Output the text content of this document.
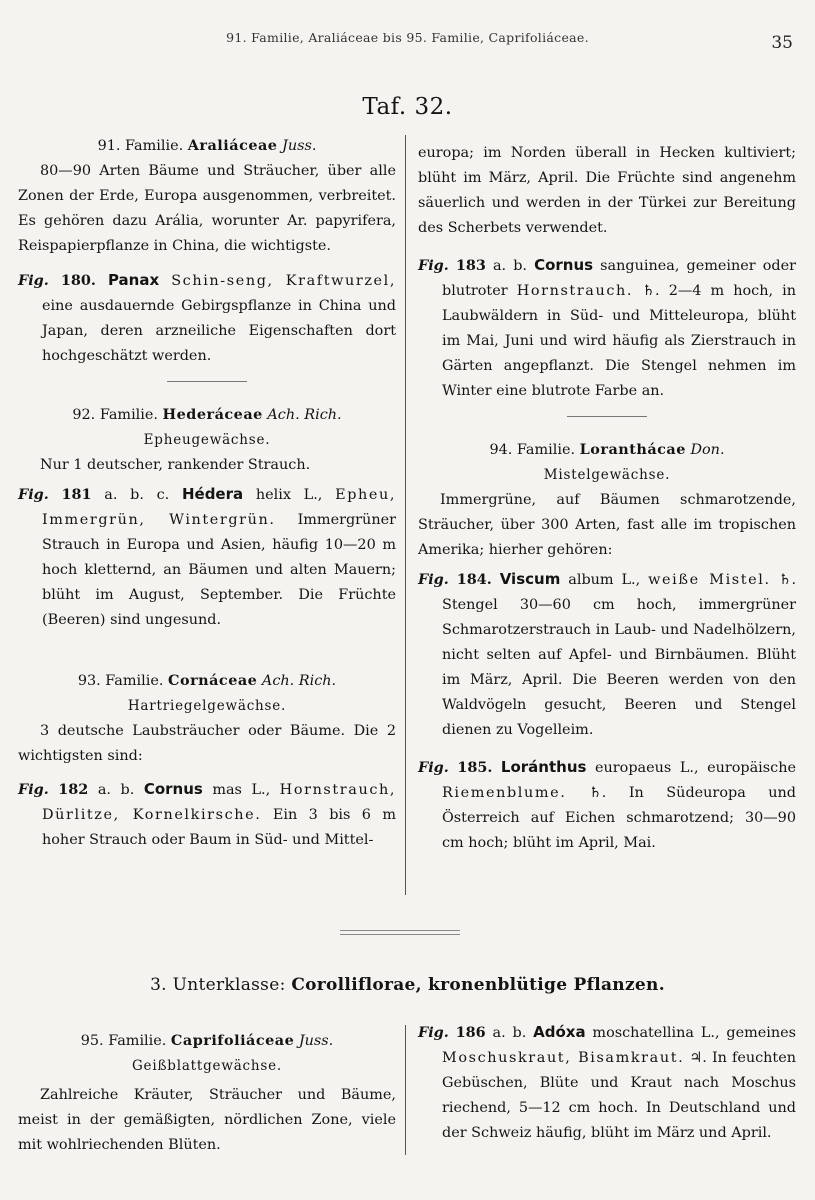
91. Familie, Araliáceae bis 95. Familie, Caprifoliáceae.	35
Taf. 32.

91. Familie. Araliáceae Juss.

80—90 Arten Bäume und Sträucher, über alle Zonen der Erde, Europa ausgenommen, verbreitet. Es gehören dazu Arália, worunter Ar. papyrifera, Reispapierpflanze in China, die wichtigste.

Fig. 180. Panax Schin-seng, Kraftwurzel, eine ausdauernde Gebirgspflanze in China und Japan, deren arzneiliche Eigenschaften dort hochgeschätzt werden.

92. Familie. Hederáceae Ach. Rich.

Epheugewächse.

Nur 1 deutscher, rankender Strauch.

Fig. 181 a. b. c. Hédera helix L., Epheu, Immergrün, Wintergrün. Immergrüner Strauch in Europa und Asien, häufig 10—20 m hoch kletternd, an Bäumen und alten Mauern; blüht im August, September. Die Früchte (Beeren) sind ungesund.

93. Familie. Cornáceae Ach. Rich.

Hartriegelgewächse.

3 deutsche Laubsträucher oder Bäume. Die 2 wichtigsten sind:

Fig. 182 a. b. Cornus mas L., Hornstrauch, Dürlitze, Kornelkirsche. Ein 3 bis 6 m hoher Strauch oder Baum in Süd- und Mittel-

europa; im Norden überall in Hecken kultiviert; blüht im März, April. Die Früchte sind angenehm säuerlich und werden in der Türkei zur Bereitung des Scherbets verwendet.

Fig. 183 a. b. Cornus sanguinea, gemeiner oder blutroter Hornstrauch. ♄. 2—4 m hoch, in Laubwäldern in Süd- und Mitteleuropa, blüht im Mai, Juni und wird häufig als Zierstrauch in Gärten angepflanzt. Die Stengel nehmen im Winter eine blutrote Farbe an.

94. Familie. Loranthácae Don.

Mistelgewächse.

Immergrüne, auf Bäumen schmarotzende, Sträucher, über 300 Arten, fast alle im tropischen Amerika; hierher gehören:

Fig. 184. Viscum album L., weiße Mistel. ♄. Stengel 30—60 cm hoch, immergrüner Schmarotzerstrauch in Laub- und Nadelhölzern, nicht selten auf Apfel- und Birnbäumen. Blüht im März, April. Die Beeren werden von den Waldvögeln gesucht, Beeren und Stengel dienen zu Vogelleim.

Fig. 185. Loránthus europaeus L., europäische Riemenblume. ♄. In Südeuropa und Österreich auf Eichen schmarotzend; 30—90 cm hoch; blüht im April, Mai.

3. Unterklasse: Corolliflorae, kronenblütige Pflanzen.

95. Familie. Caprifoliáceae Juss.

Geißblattgewächse.

Zahlreiche Kräuter, Sträucher und Bäume, meist in der gemäßigten, nördlichen Zone, viele mit wohlriechenden Blüten.

Fig. 186 a. b. Adóxa moschatellina L., gemeines Moschuskraut, Bisamkraut. ♃. In feuchten Gebüschen, Blüte und Kraut nach Moschus riechend, 5—12 cm hoch. In Deutschland und der Schweiz häufig, blüht im März und April.
